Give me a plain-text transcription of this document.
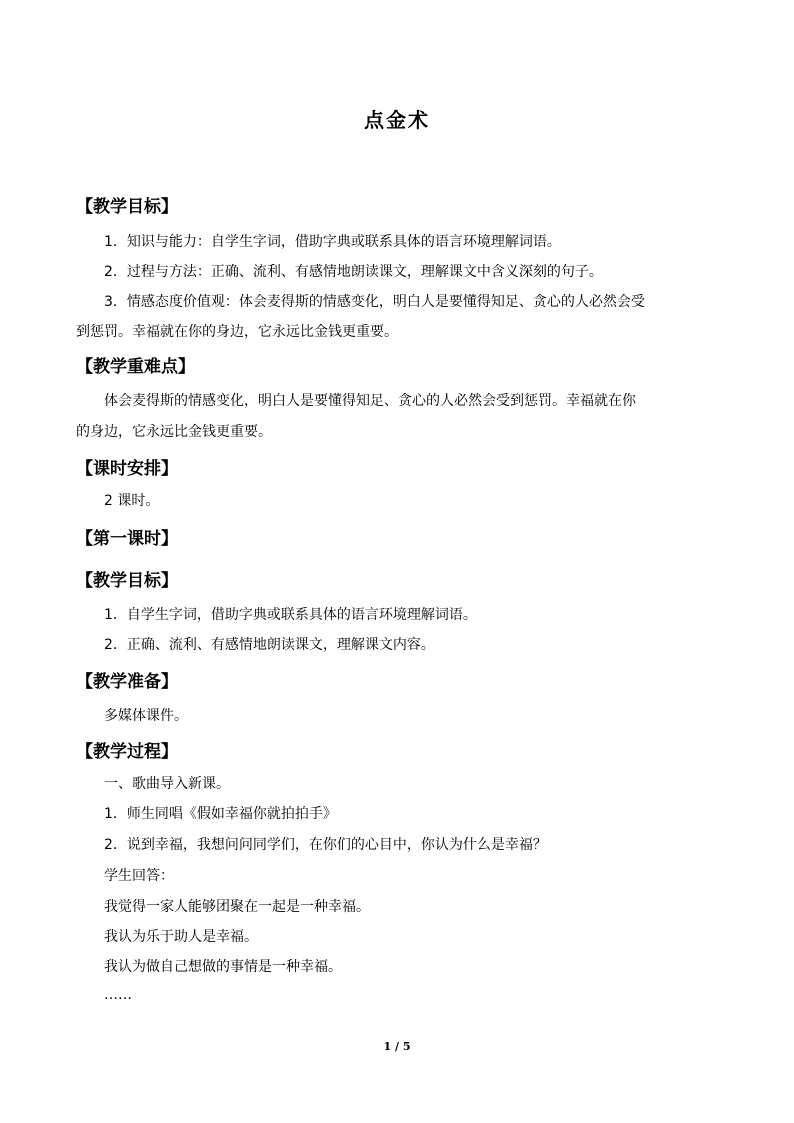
点金术
【教学目标】
1．知识与能力：自学生字词，借助字典或联系具体的语言环境理解词语。
2．过程与方法：正确、流利、有感情地朗读课文，理解课文中含义深刻的句子。
3．情感态度价值观：体会麦得斯的情感变化，明白人是要懂得知足、贪心的人必然会受
到惩罚。幸福就在你的身边，它永远比金钱更重要。
【教学重难点】
体会麦得斯的情感变化，明白人是要懂得知足、贪心的人必然会受到惩罚。幸福就在你
的身边，它永远比金钱更重要。
【课时安排】
2 课时。
【第一课时】
【教学目标】
1．自学生字词，借助字典或联系具体的语言环境理解词语。
2．正确、流利、有感情地朗读课文，理解课文内容。
【教学准备】
多媒体课件。
【教学过程】
一、歌曲导入新课。
1．师生同唱《假如幸福你就拍拍手》
2．说到幸福，我想问问同学们，在你们的心目中，你认为什么是幸福？
学生回答：
我觉得一家人能够团聚在一起是一种幸福。
我认为乐于助人是幸福。
我认为做自己想做的事情是一种幸福。
……
1 / 5
